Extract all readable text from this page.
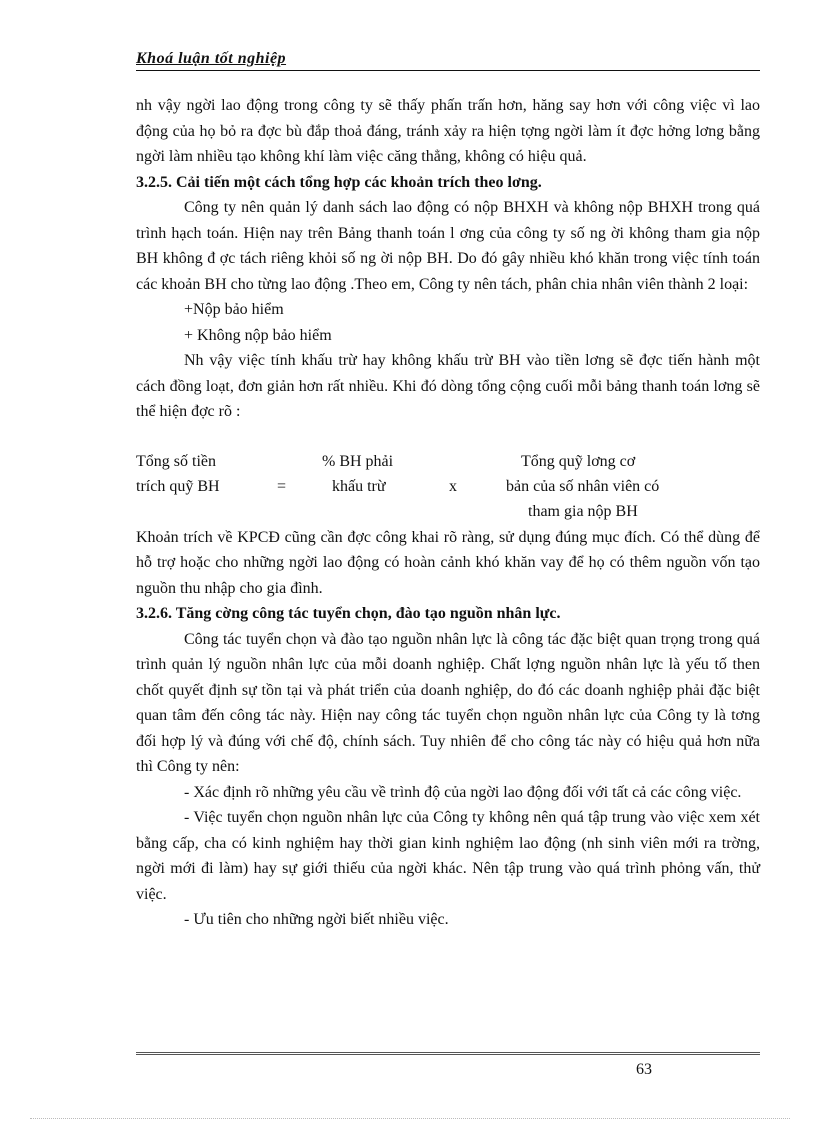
Khoá luận tốt nghiệp

nh vậy ngời lao động trong công ty sẽ thấy phấn trấn hơn, hăng say hơn với công việc vì lao động của họ bỏ ra đợc bù đắp thoả đáng, tránh xảy ra hiện tợng ngời làm ít đợc hởng lơng bằng ngời làm nhiều tạo không khí làm việc căng thẳng, không có hiệu quả.

3.2.5. Cải tiến một cách tổng hợp các khoản trích theo lơng.

Công ty nên quản lý danh sách lao động có nộp BHXH và không nộp BHXH trong quá trình hạch toán. Hiện nay trên Bảng thanh toán l ơng của công ty số ng ời không tham gia nộp BH không đ ợc tách riêng khỏi số ng ời nộp BH. Do đó gây nhiều khó khăn trong việc tính toán các khoản BH cho từng lao động .Theo em, Công ty nên tách, phân chia nhân viên thành 2 loại:

+Nộp bảo hiểm

+ Không nộp bảo hiểm

Nh vậy việc tính khấu trừ hay không khấu trừ BH vào tiền lơng sẽ đợc tiến hành một cách đồng loạt, đơn giản hơn rất nhiều. Khi đó dòng tổng cộng cuối mỗi bảng thanh toán lơng sẽ thể hiện đợc rõ :

Tổng số tiền
trích quỹ BH	=
% BH phải
khấu trừ	x
Tổng quỹ lơng cơ
bản của số nhân viên có
tham gia nộp BH

Khoản trích về KPCĐ cũng cần đợc công khai rõ ràng, sử dụng đúng mục đích. Có thể dùng để hỗ trợ hoặc cho những ngời lao động có hoàn cảnh khó khăn vay để họ có thêm nguồn vốn tạo nguồn thu nhập cho gia đình.

3.2.6. Tăng cờng công tác tuyển chọn, đào tạo nguồn nhân lực.

Công tác tuyển chọn và đào tạo nguồn nhân lực là công tác đặc biệt quan trọng trong quá trình quản lý nguồn nhân lực của mỗi doanh nghiệp. Chất lợng nguồn nhân lực là yếu tố then chốt quyết định sự tồn tại và phát triển của doanh nghiệp, do đó các doanh nghiệp phải đặc biệt quan tâm đến công tác này. Hiện nay công tác tuyển chọn nguồn nhân lực của Công ty là tơng đối hợp lý và đúng với chế độ, chính sách. Tuy nhiên để cho công tác này có hiệu quả hơn nữa thì Công ty nên:

- Xác định rõ những yêu cầu về trình độ của ngời lao động đối với tất cả các công việc.

- Việc tuyển chọn nguồn nhân lực của Công ty không nên quá tập trung vào việc xem xét bằng cấp, cha có kinh nghiệm hay thời gian kinh nghiệm lao động (nh sinh viên mới ra trờng, ngời mới đi làm) hay sự giới thiếu của ngời khác. Nên tập trung vào quá trình phỏng vấn, thử việc.

- Ưu tiên cho những ngời biết nhiều việc.

63
